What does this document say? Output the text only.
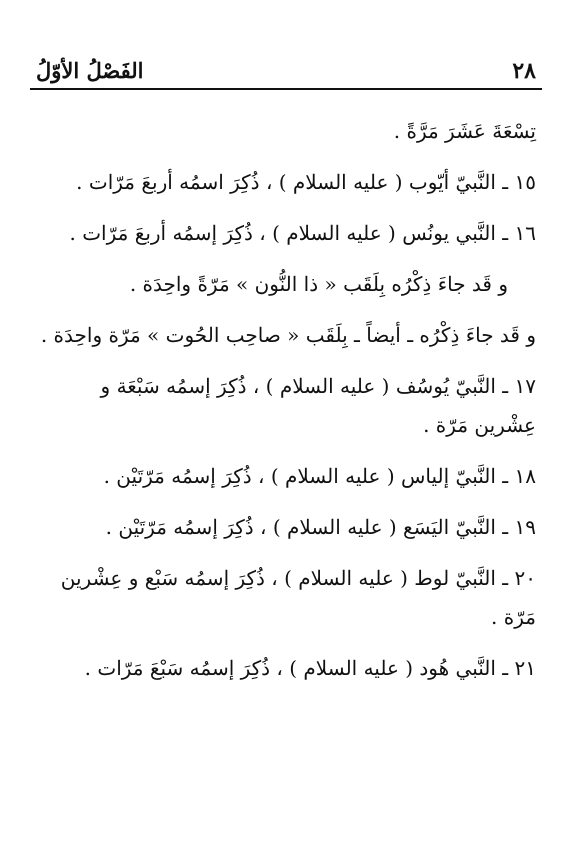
٢٨
الفَصْلُ الأوّلُ

تِسْعَةَ عَشَرَ مَرَّةً .

١٥ ـ النَّبيّ أيّوب ( عليه السلام ) ، ذُكِرَ اسمُه أربعَ مَرّات .

١٦ ـ النَّبي يونُس ( عليه السلام ) ، ذُكِرَ إسمُه أربعَ مَرّات .

و قَد جاءَ ذِكْرُه بِلَقَب « ذا النُّون » مَرّةً واحِدَة .

و قَد جاءَ ذِكْرُه ـ أيضاً ـ بِلَقَب « صاحِب الحُوت » مَرّة واحِدَة .

١٧ ـ النَّبيّ يُوسُف ( عليه السلام ) ، ذُكِرَ إسمُه سَبْعَة و عِشْرين مَرّة .

١٨ ـ النَّبيّ إلياس ( عليه السلام ) ، ذُكِرَ إسمُه مَرّتَيْن .

١٩ ـ النَّبيّ اليَسَع ( عليه السلام ) ، ذُكِرَ إسمُه مَرّتَيْن .

٢٠ ـ النَّبيّ لوط ( عليه السلام ) ، ذُكِرَ إسمُه سَبْع و عِشْرين مَرّة .

٢١ ـ النَّبي هُود ( عليه السلام ) ، ذُكِرَ إسمُه سَبْعَ مَرّات .
